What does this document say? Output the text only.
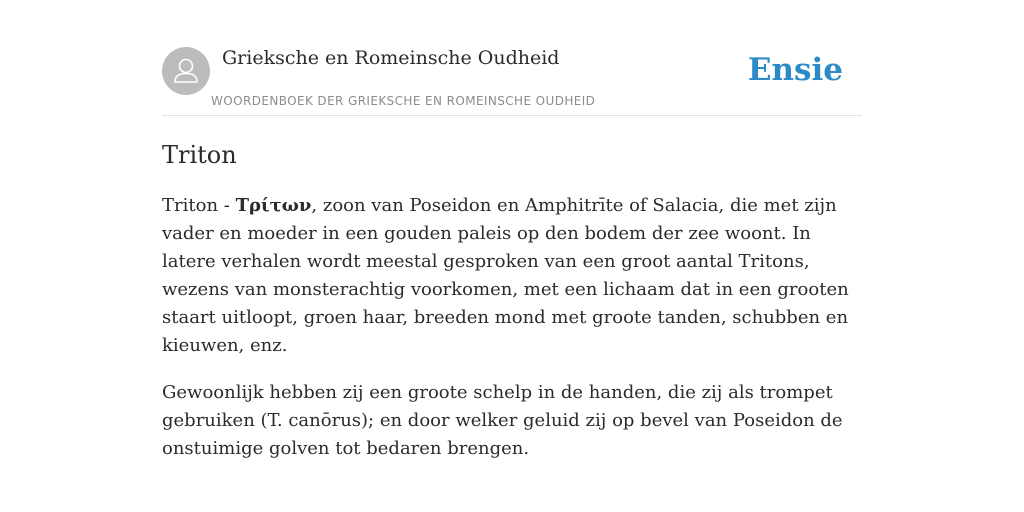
Grieksche en Romeinsche Oudheid
WOORDENBOEK DER GRIEKSCHE EN ROMEINSCHE OUDHEID
Ensie
Triton

Triton - Τρίτων, zoon van Poseidon en Amphitrīte of Salacia, die met zijn vader en moeder in een gouden paleis op den bodem der zee woont. In latere verhalen wordt meestal gesproken van een groot aantal Tritons, wezens van monsterachtig voorkomen, met een lichaam dat in een grooten staart uitloopt, groen haar, breeden mond met groote tanden, schubben en kieuwen, enz.

Gewoonlijk hebben zij een groote schelp in de handen, die zij als trompet gebruiken (T. canōrus); en door welker geluid zij op bevel van Poseidon de onstuimige golven tot bedaren brengen.
